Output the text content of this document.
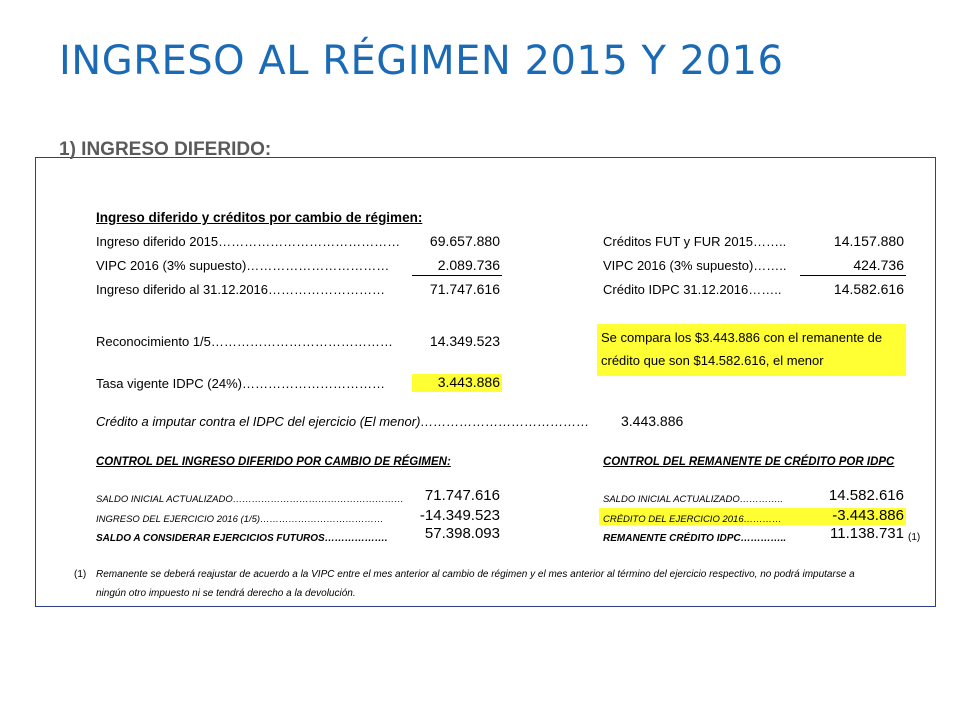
INGRESO AL RÉGIMEN 2015 Y 2016
Ingreso diferido y créditos por cambio de régimen:
Ingreso diferido 2015……………………………………	69.657.880
VIPC 2016 (3% supuesto)……………………………	2.089.736
Ingreso diferido al 31.12.2016………………………	71.747.616
Créditos FUT y FUR 2015……..	14.157.880
VIPC 2016 (3% supuesto)……..	424.736
Crédito IDPC 31.12.2016……..	14.582.616
Reconocimiento 1/5……………………………………	14.349.523
Tasa vigente IDPC (24%)……………………………	3.443.886
Se compara los $3.443.886 con el remanente de
crédito que son $14.582.616, el menor
Crédito a imputar contra el IDPC del ejercicio (El menor)…………………………………	3.443.886
CONTROL DEL INGRESO DIFERIDO POR CAMBIO DE RÉGIMEN:
SALDO INICIAL ACTUALIZADO………………………………………………	71.747.616
INGRESO DEL EJERCICIO 2016 (1/5)…………………………………	-14.349.523
SALDO A CONSIDERAR EJERCICIOS FUTUROS……………….	57.398.093
CONTROL DEL REMANENTE DE CRÉDITO POR IDPC
SALDO INICIAL ACTUALIZADO…………..	14.582.616
CRÉDITO DEL EJERCICIO 2016…………	-3.443.886
REMANENTE CRÉDITO IDPC…………..	11.138.731 (1)
(1) Remanente se deberá reajustar de acuerdo a la VIPC entre el mes anterior al cambio de régimen y el mes anterior al término del ejercicio respectivo, no podrá imputarse a
ningún otro impuesto ni se tendrá derecho a la devolución.
1) INGRESO DIFERIDO:
